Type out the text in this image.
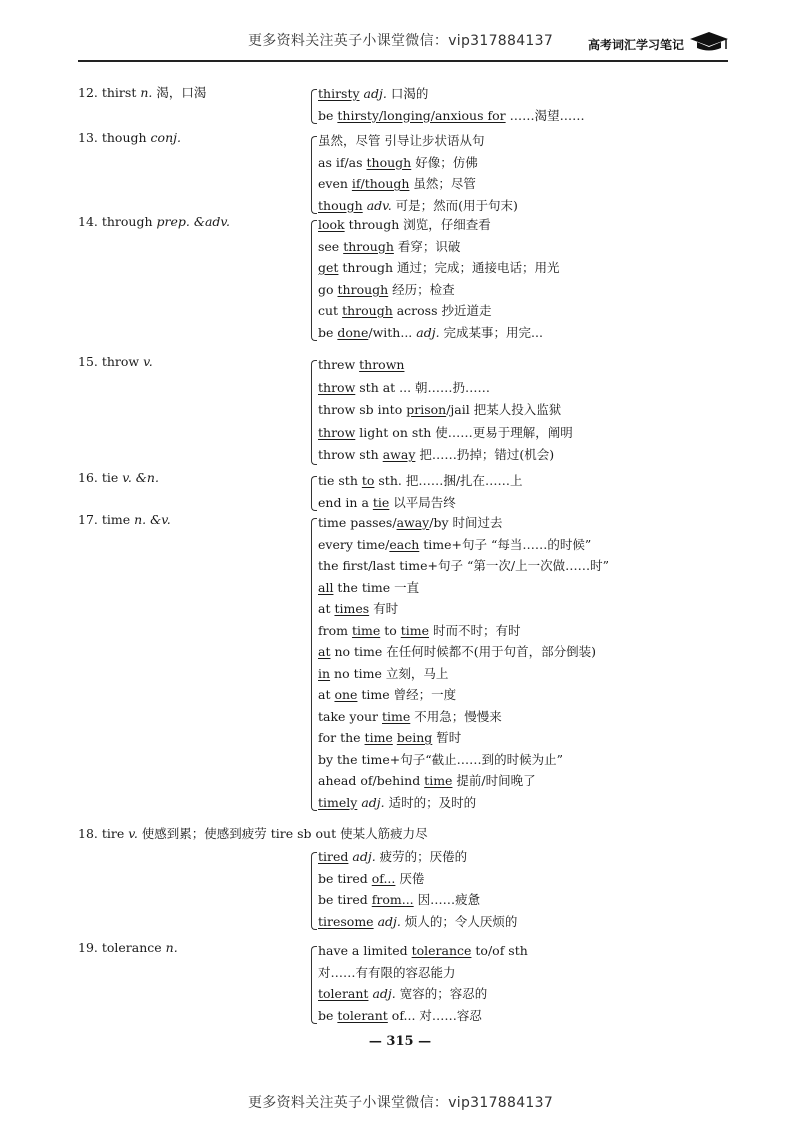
更多资料关注英子小课堂微信：vip317884137	高考词汇学习笔记
12. thirst n. 渴，口渴	thirsty adj. 口渴的
be thirsty/longing/anxious for ……渴望……
13. though conj.	虽然，尽管 引导让步状语从句
as if/as though 好像；仿佛
even if/though 虽然；尽管
though adv. 可是；然而(用于句末)
14. through prep. &adv.	look through 浏览，仔细查看
see through 看穿；识破
get through 通过；完成；通接电话；用光
go through 经历；检查
cut through across 抄近道走
be done/with... adj. 完成某事；用完...
15. throw v.	threw thrown
throw sth at ... 朝……扔……
throw sb into prison/jail 把某人投入监狱
throw light on sth 使……更易于理解，阐明
throw sth away 把……扔掉；错过(机会)
16. tie v. &n.	tie sth to sth. 把……捆/扎在……上
end in a tie 以平局告终
17. time n. &v.	time passes/away/by 时间过去
every time/each time+句子 “每当……的时候”
the first/last time+句子 “第一次/上一次做……时”
all the time 一直
at times 有时
from time to time 时而不时；有时
at no time 在任何时候都不(用于句首，部分倒装)
in no time 立刻，马上
at one time 曾经；一度
take your time 不用急；慢慢来
for the time being 暂时
by the time+句子“截止……到的时候为止”
ahead of/behind time 提前/时间晚了
timely adj. 适时的；及时的
18. tire v. 使感到累；使感到疲劳 tire sb out 使某人筋疲力尽
tired adj. 疲劳的；厌倦的
be tired of... 厌倦
be tired from... 因……疲惫
tiresome adj. 烦人的；令人厌烦的
19. tolerance n.	have a limited tolerance to/of sth
对……有有限的容忍能力
tolerant adj. 宽容的；容忍的
be tolerant of... 对……容忍
— 315 —
更多资料关注英子小课堂微信：vip317884137
